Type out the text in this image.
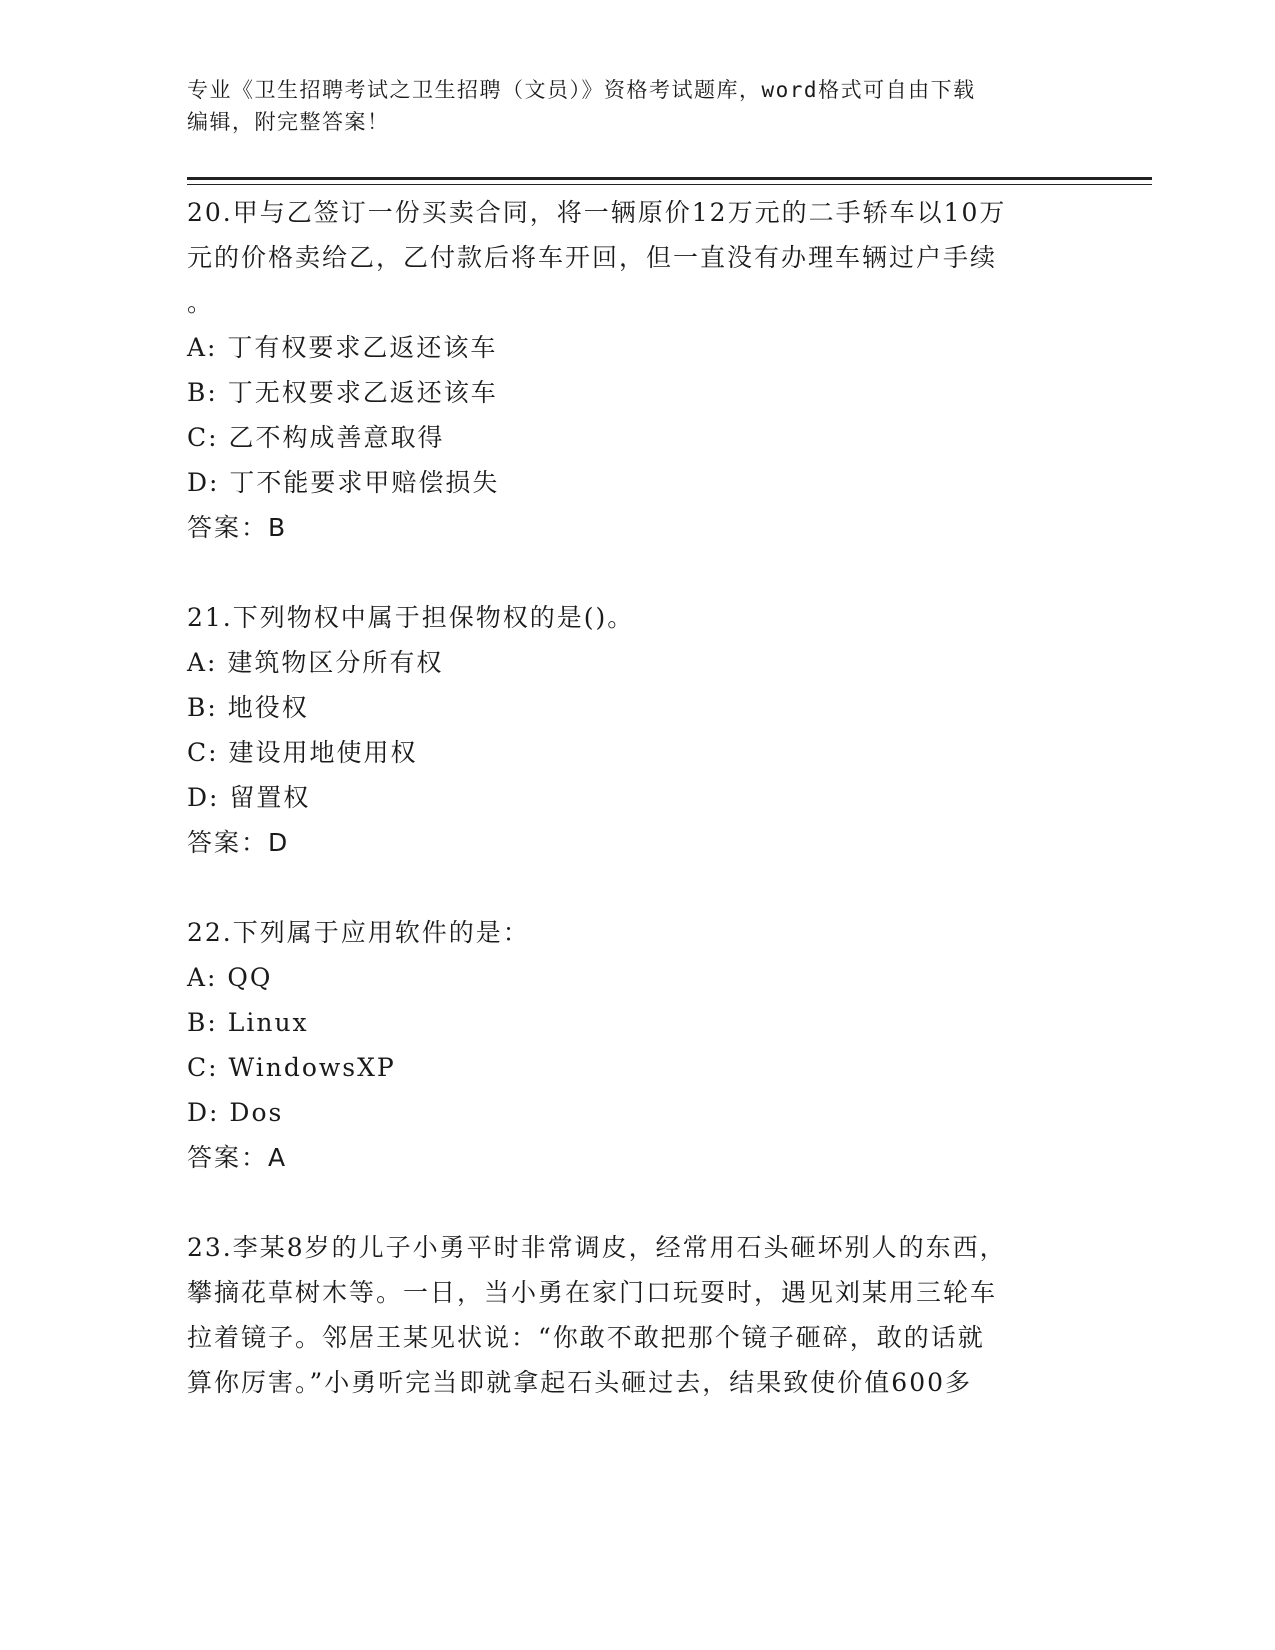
专业《卫生招聘考试之卫生招聘（文员）》资格考试题库，word格式可自由下载
编辑，附完整答案！
20.甲与乙签订一份买卖合同，将一辆原价12万元的二手轿车以10万
元的价格卖给乙，乙付款后将车开回，但一直没有办理车辆过户手续
。
A: 丁有权要求乙返还该车
B: 丁无权要求乙返还该车
C: 乙不构成善意取得
D: 丁不能要求甲赔偿损失
答案：B
21.下列物权中属于担保物权的是()。
A: 建筑物区分所有权
B: 地役权
C: 建设用地使用权
D: 留置权
答案：D
22.下列属于应用软件的是：
A: QQ
B: Linux
C: WindowsXP
D: Dos
答案：A
23.李某8岁的儿子小勇平时非常调皮，经常用石头砸坏别人的东西，
攀摘花草树木等。一日，当小勇在家门口玩耍时，遇见刘某用三轮车
拉着镜子。邻居王某见状说：“你敢不敢把那个镜子砸碎，敢的话就
算你厉害。”小勇听完当即就拿起石头砸过去，结果致使价值600多
